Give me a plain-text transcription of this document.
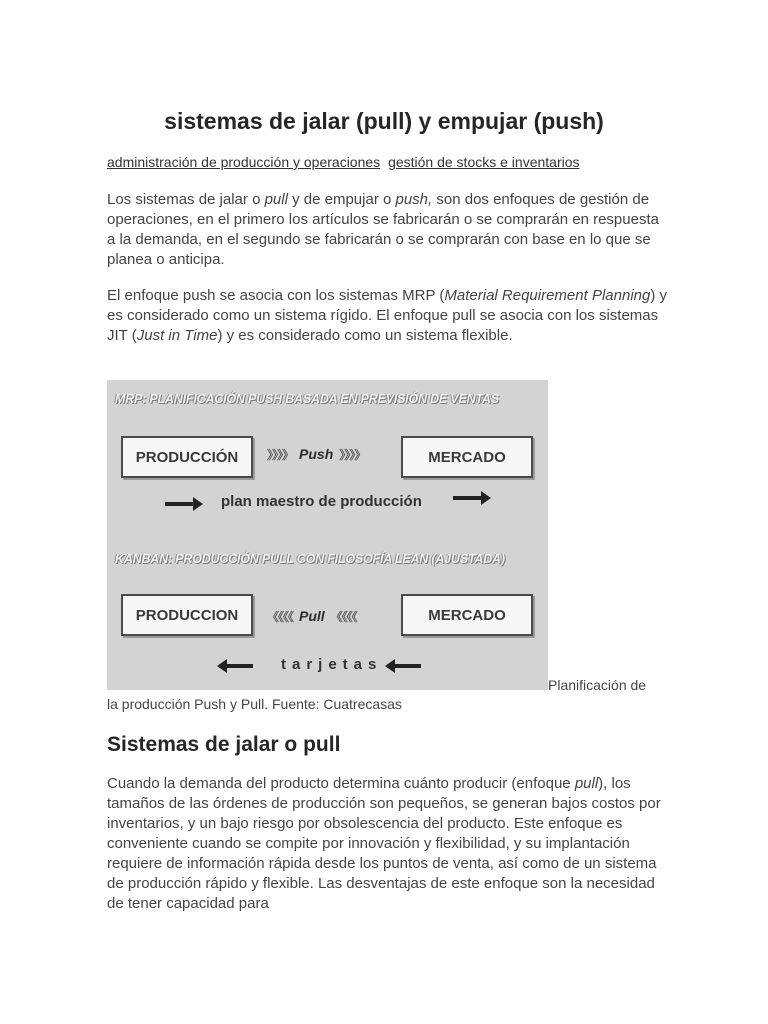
sistemas de jalar (pull) y empujar (push)
administración de producción y operaciones gestión de stocks e inventarios

Los sistemas de jalar o pull y de empujar o push, son dos enfoques de gestión de operaciones, en el primero los artículos se fabricarán o se comprarán en respuesta a la demanda, en el segundo se fabricarán o se comprarán con base en lo que se planea o anticipa.

El enfoque push se asocia con los sistemas MRP (Material Requirement Planning) y es considerado como un sistema rígido. El enfoque pull se asocia con los sistemas JIT (Just in Time) y es considerado como un sistema flexible.

MRP: PLANIFICACIÓN PUSH BASADA EN PREVISIÓN DE VENTAS
PRODUCCIÓN	》》》》 Push 》》》》	MERCADO
plan maestro de producción
KANBAN: PRODUCCIÓN PULL CON FILOSOFÍA LEAN (AJUSTADA)
PRODUCCION	《《《《 Pull 《《《《	MERCADO
tarjetas
Planificación de
la producción Push y Pull. Fuente: Cuatrecasas
Sistemas de jalar o pull

Cuando la demanda del producto determina cuánto producir (enfoque pull), los tamaños de las órdenes de producción son pequeños, se generan bajos costos por inventarios, y un bajo riesgo por obsolescencia del producto. Este enfoque es conveniente cuando se compite por innovación y flexibilidad, y su implantación requiere de información rápida desde los puntos de venta, así como de un sistema de producción rápido y flexible. Las desventajas de este enfoque son la necesidad de tener capacidad para
